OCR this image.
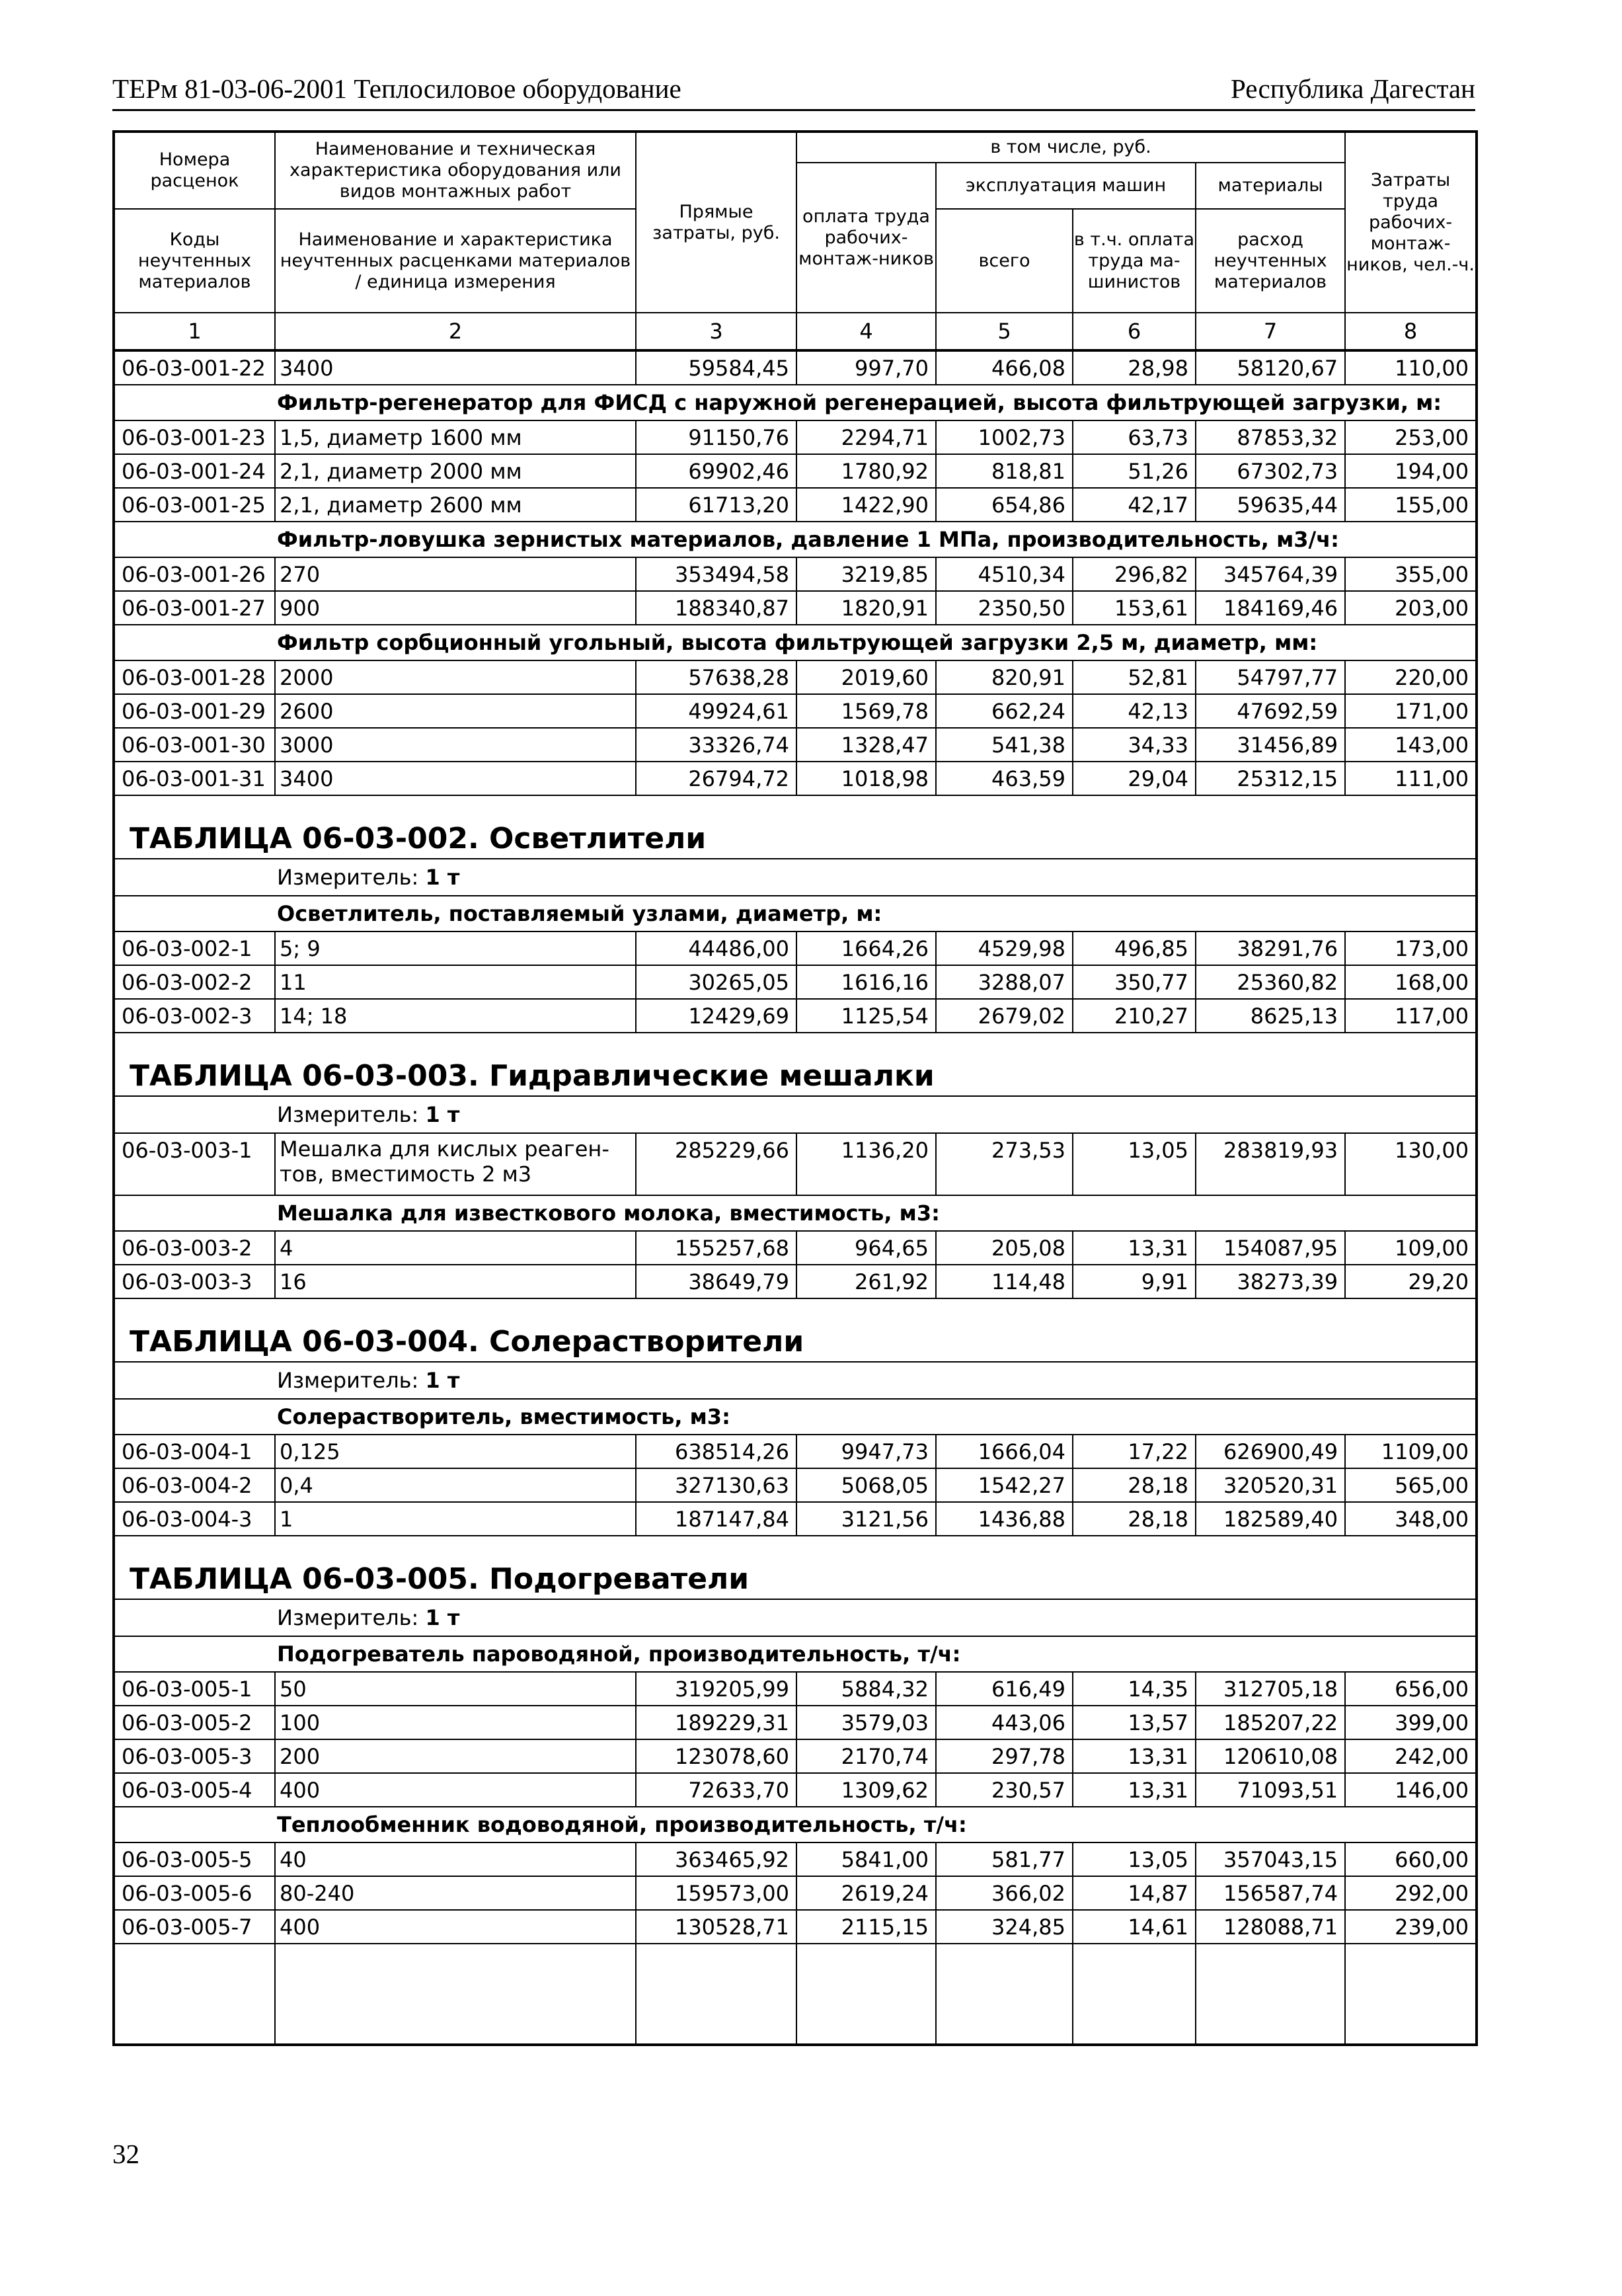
ТЕРм 81-03-06-2001 Теплосиловое оборудование	Республика Дагестан
Номера расценок	Наименование и техническая характеристика оборудования или видов монтажных работ	Прямые затраты, руб.	в том числе, руб.				Затраты труда рабочих-монтаж-ников, чел.-ч.
			оплата труда рабочих-монтаж-ников	эксплуатация машин		материалы	
Коды неучтенных материалов	Наименование и характеристика неучтенных расценками материалов / единица измерения			всего	в т.ч. оплата труда ма-шинистов	расход неучтенных материалов	

1	2	3	4	5	6	7	8
06-03-001-22	3400	59584,45	997,70	466,08	28,98	58120,67	110,00
Фильтр-регенератор для ФИСД с наружной регенерацией, высота фильтрующей загрузки, м:							
06-03-001-23	1,5, диаметр 1600 мм	91150,76	2294,71	1002,73	63,73	87853,32	253,00
06-03-001-24	2,1, диаметр 2000 мм	69902,46	1780,92	818,81	51,26	67302,73	194,00
06-03-001-25	2,1, диаметр 2600 мм	61713,20	1422,90	654,86	42,17	59635,44	155,00
Фильтр-ловушка зернистых материалов, давление 1 МПа, производительность, м3/ч:							
06-03-001-26	270	353494,58	3219,85	4510,34	296,82	345764,39	355,00
06-03-001-27	900	188340,87	1820,91	2350,50	153,61	184169,46	203,00
Фильтр сорбционный угольный, высота фильтрующей загрузки 2,5 м, диаметр, мм:							
06-03-001-28	2000	57638,28	2019,60	820,91	52,81	54797,77	220,00
06-03-001-29	2600	49924,61	1569,78	662,24	42,13	47692,59	171,00
06-03-001-30	3000	33326,74	1328,47	541,38	34,33	31456,89	143,00
06-03-001-31	3400	26794,72	1018,98	463,59	29,04	25312,15	111,00
ТАБЛИЦА 06-03-002. Осветлители							
Измеритель: 1 т							
Осветлитель, поставляемый узлами, диаметр, м:							
06-03-002-1	5; 9	44486,00	1664,26	4529,98	496,85	38291,76	173,00
06-03-002-2	11	30265,05	1616,16	3288,07	350,77	25360,82	168,00
06-03-002-3	14; 18	12429,69	1125,54	2679,02	210,27	8625,13	117,00
ТАБЛИЦА 06-03-003. Гидравлические мешалки							
Измеритель: 1 т							
06-03-003-1	Мешалка для кислых реаген-тов, вместимость 2 м3	285229,66	1136,20	273,53	13,05	283819,93	130,00
Мешалка для известкового молока, вместимость, м3:							
06-03-003-2	4	155257,68	964,65	205,08	13,31	154087,95	109,00
06-03-003-3	16	38649,79	261,92	114,48	9,91	38273,39	29,20
ТАБЛИЦА 06-03-004. Солерастворители							
Измеритель: 1 т							
Солерастворитель, вместимость, м3:							
06-03-004-1	0,125	638514,26	9947,73	1666,04	17,22	626900,49	1109,00
06-03-004-2	0,4	327130,63	5068,05	1542,27	28,18	320520,31	565,00
06-03-004-3	1	187147,84	3121,56	1436,88	28,18	182589,40	348,00
ТАБЛИЦА 06-03-005. Подогреватели							
Измеритель: 1 т							
Подогреватель пароводяной, производительность, т/ч:							
06-03-005-1	50	319205,99	5884,32	616,49	14,35	312705,18	656,00
06-03-005-2	100	189229,31	3579,03	443,06	13,57	185207,22	399,00
06-03-005-3	200	123078,60	2170,74	297,78	13,31	120610,08	242,00
06-03-005-4	400	72633,70	1309,62	230,57	13,31	71093,51	146,00
Теплообменник водоводяной, производительность, т/ч:							
06-03-005-5	40	363465,92	5841,00	581,77	13,05	357043,15	660,00
06-03-005-6	80-240	159573,00	2619,24	366,02	14,87	156587,74	292,00
06-03-005-7	400	130528,71	2115,15	324,85	14,61	128088,71	239,00

32
